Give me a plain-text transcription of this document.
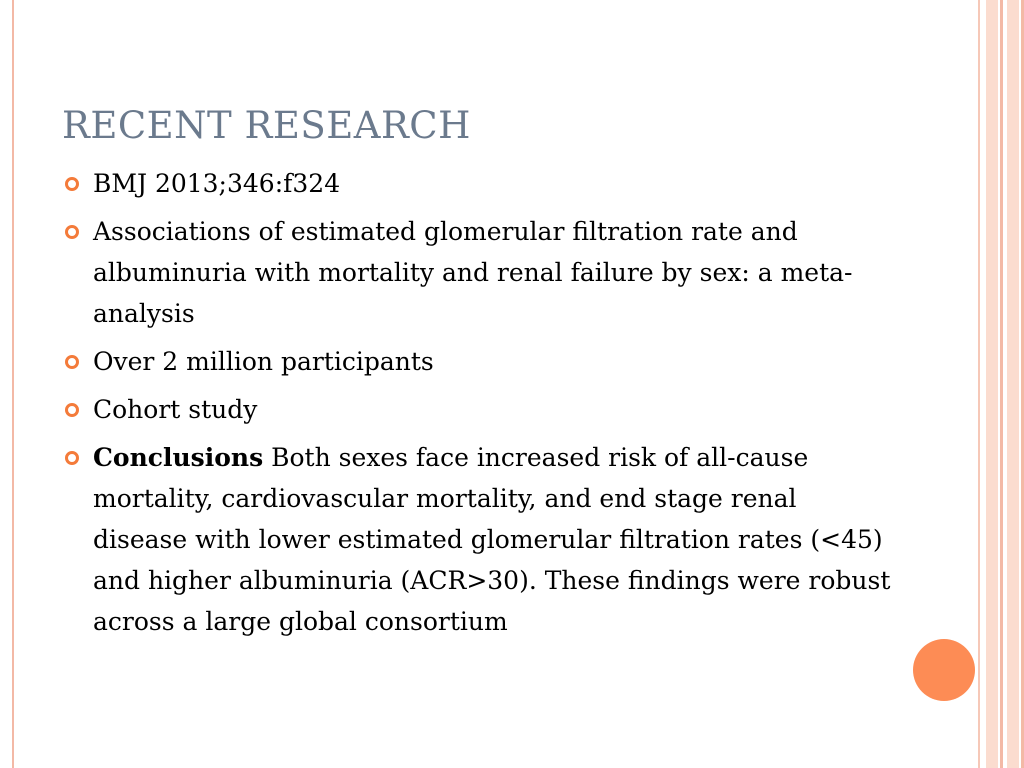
RECENT RESEARCH
BMJ 2013;346:f324
Associations of estimated glomerular filtration rate and albuminuria with mortality and renal failure by sex: a meta-analysis
Over 2 million participants
Cohort study
Conclusions Both sexes face increased risk of all-cause mortality, cardiovascular mortality, and end stage renal disease with lower estimated glomerular filtration rates (<45) and higher albuminuria (ACR>30). These findings were robust across a large global consortium
